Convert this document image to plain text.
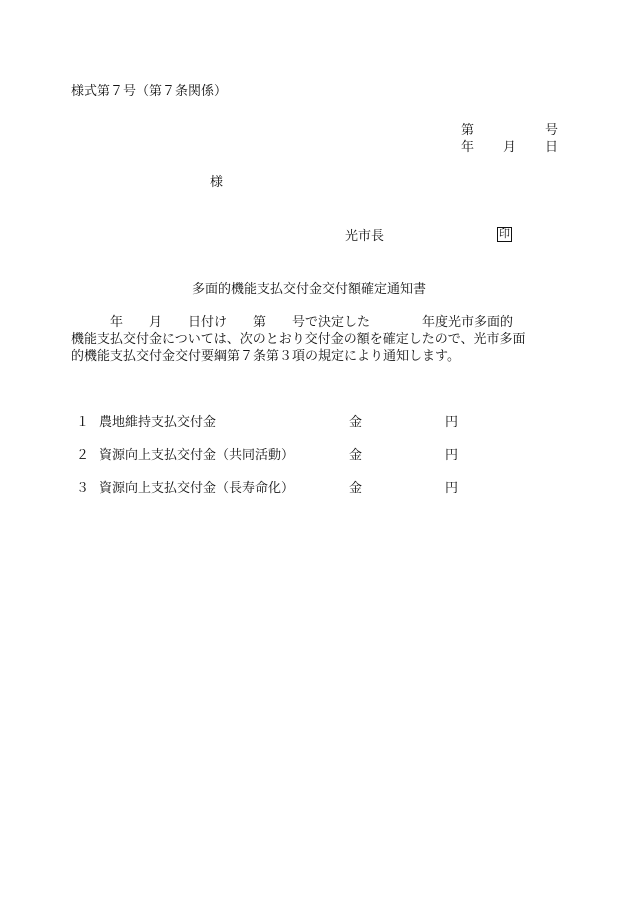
様式第７号（第７条関係）
第	号
年 月 日
様
光市長	印
多面的機能支払交付金交付額確定通知書
　　　年　　月　　日付け　　第　　号で決定した　　　　年度光市多面的
機能支払交付金については、次のとおり交付金の額を確定したので、光市多面
的機能支払交付金交付要綱第７条第３項の規定により通知します。
１ 農地維持支払交付金	金	円
２ 資源向上支払交付金（共同活動）	金	円
３ 資源向上支払交付金（長寿命化）	金	円
